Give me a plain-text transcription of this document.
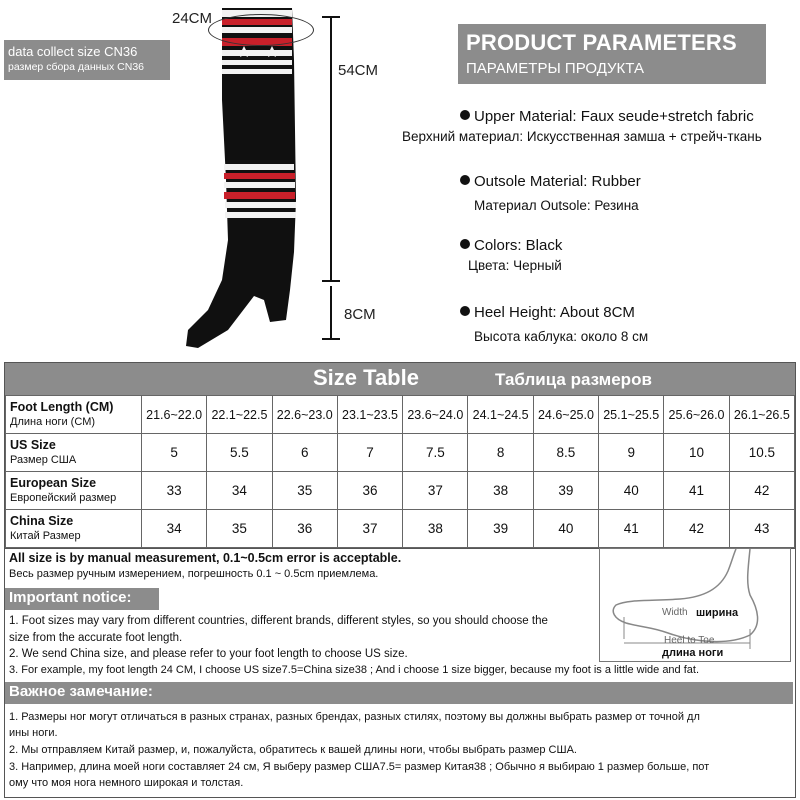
data collect size CN36
размер сбора данных CN36
24CM
54CM
8CM
PRODUCT PARAMETERS
ПАРАМЕТРЫ ПРОДУКТА
Upper Material: Faux seude+stretch fabric
Верхний материал: Искусственная замша + стрейч-ткань
Outsole Material: Rubber
Материал Outsole: Резина
Colors: Black
Цвета: Черный
Heel Height: About 8CM
Высота каблука: около 8 см
Size Table	Таблица размеров
Foot Length (CM)
Длина ноги (CM)	21.6~22.0	22.1~22.5	22.6~23.0	23.1~23.5	23.6~24.0	24.1~24.5	24.6~25.0	25.1~25.5	25.6~26.0	26.1~26.5

US Size
Размер США	5	5.5	6	7	7.5	8	8.5	9	10	10.5

European Size
Европейский размер	33	34	35	36	37	38	39	40	41	42

China Size
Китай Размер	34	35	36	37	38	39	40	41	42	43
All size is by manual measurement, 0.1~0.5cm error is acceptable.
Весь размер ручным измерением, погрешность 0.1 ~ 0.5cm приемлема.
Width ширина
Heel to Toe
длина ноги
Important notice:
1. Foot sizes may vary from different countries, different brands, different styles, so you should choose the
size from the accurate foot length.
2. We send China size, and please refer to your foot length to choose US size.
3. For example, my foot length 24 CM, I choose US size7.5=China size38 ; And i choose 1 size bigger, because my foot is a little wide and fat.
Важное замечание:
1. Размеры ног могут отличаться в разных странах, разных брендах, разных стилях, поэтому вы должны выбрать размер от точной дл
ины ноги.
2. Мы отправляем Китай размер, и, пожалуйста, обратитесь к вашей длины ноги, чтобы выбрать размер США.
3. Например, длина моей ноги составляет 24 см, Я выберу размер США7.5= размер Китая38 ; Обычно я выбираю 1 размер больше, пот
ому что моя нога немного широкая и толстая.
